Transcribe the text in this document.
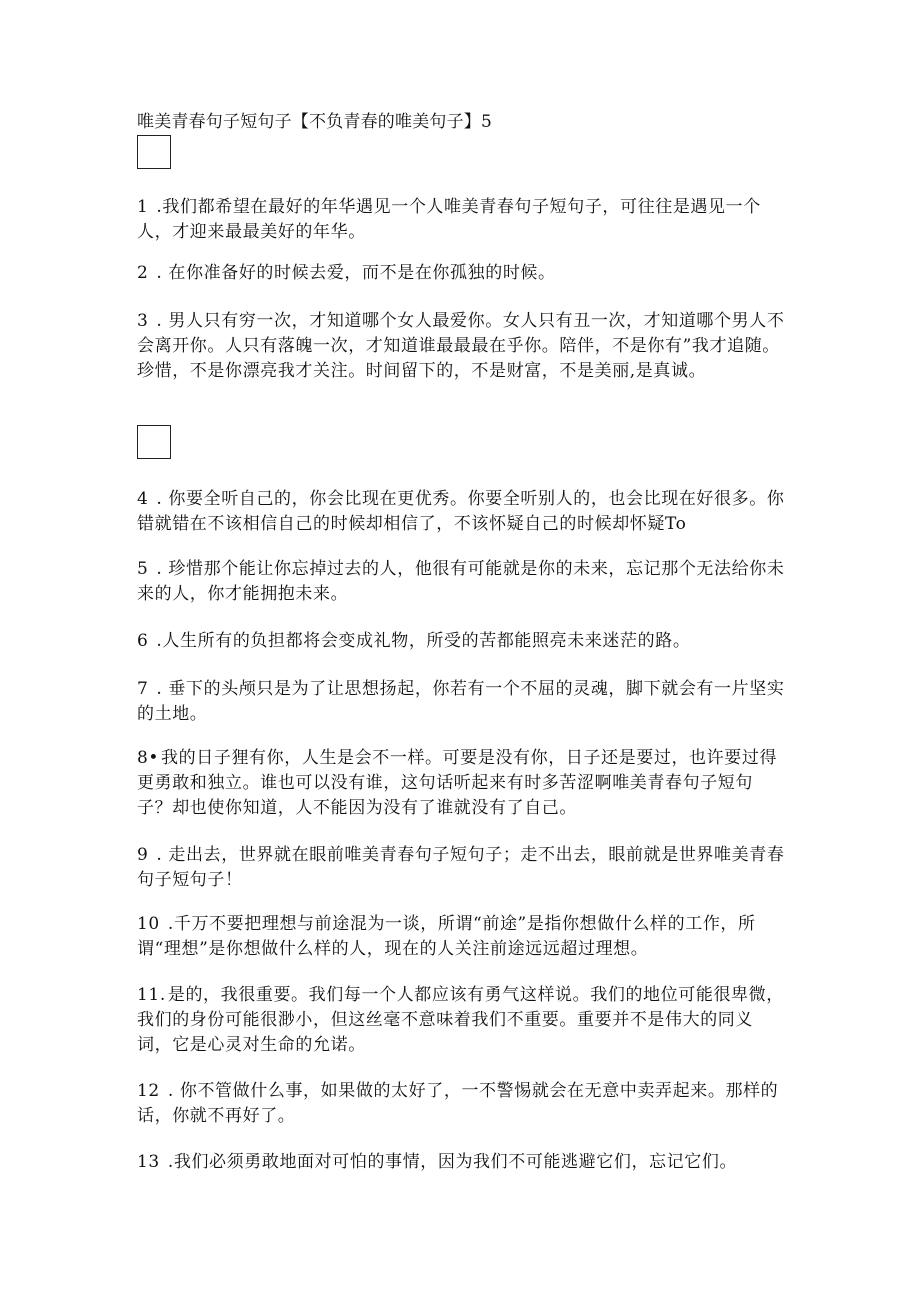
唯美青春句子短句子【不负青春的唯美句子】5
1 .我们都希望在最好的年华遇见一个人唯美青春句子短句子，可往往是遇见一个人，才迎来最最美好的年华。
2 . 在你准备好的时候去爱，而不是在你孤独的时候。
3 . 男人只有穷一次，才知道哪个女人最爱你。女人只有丑一次，才知道哪个男人不会离开你。人只有落魄一次，才知道谁最最最在乎你。陪伴，不是你有”我才追随。珍惜，不是你漂亮我才关注。时间留下的，不是财富，不是美丽,是真诚。
4 . 你要全听自己的，你会比现在更优秀。你要全听别人的，也会比现在好很多。你错就错在不该相信自己的时候却相信了，不该怀疑自己的时候却怀疑To
5 . 珍惜那个能让你忘掉过去的人，他很有可能就是你的未来，忘记那个无法给你未来的人，你才能拥抱未来。
6 .人生所有的负担都将会变成礼物，所受的苦都能照亮未来迷茫的路。
7 . 垂下的头颅只是为了让思想扬起，你若有一个不屈的灵魂，脚下就会有一片坚实的土地。
8• 我的日子狸有你，人生是会不一样。可要是没有你，日子还是要过，也许要过得更勇敢和独立。谁也可以没有谁，这句话听起来有时多苦涩啊唯美青春句子短句子？却也使你知道，人不能因为没有了谁就没有了自己。
9 . 走出去，世界就在眼前唯美青春句子短句子；走不出去，眼前就是世界唯美青春句子短句子！
10 .千万不要把理想与前途混为一谈，所谓“前途”是指你想做什么样的工作，所谓“理想”是你想做什么样的人，现在的人关注前途远远超过理想。
11. 是的，我很重要。我们每一个人都应该有勇气这样说。我们的地位可能很卑微，我们的身份可能很渺小，但这丝毫不意味着我们不重要。重要并不是伟大的同义词，它是心灵对生命的允诺。
12 . 你不管做什么事，如果做的太好了，一不警惕就会在无意中卖弄起来。那样的话，你就不再好了。
13 .我们必须勇敢地面对可怕的事情，因为我们不可能逃避它们，忘记它们。
